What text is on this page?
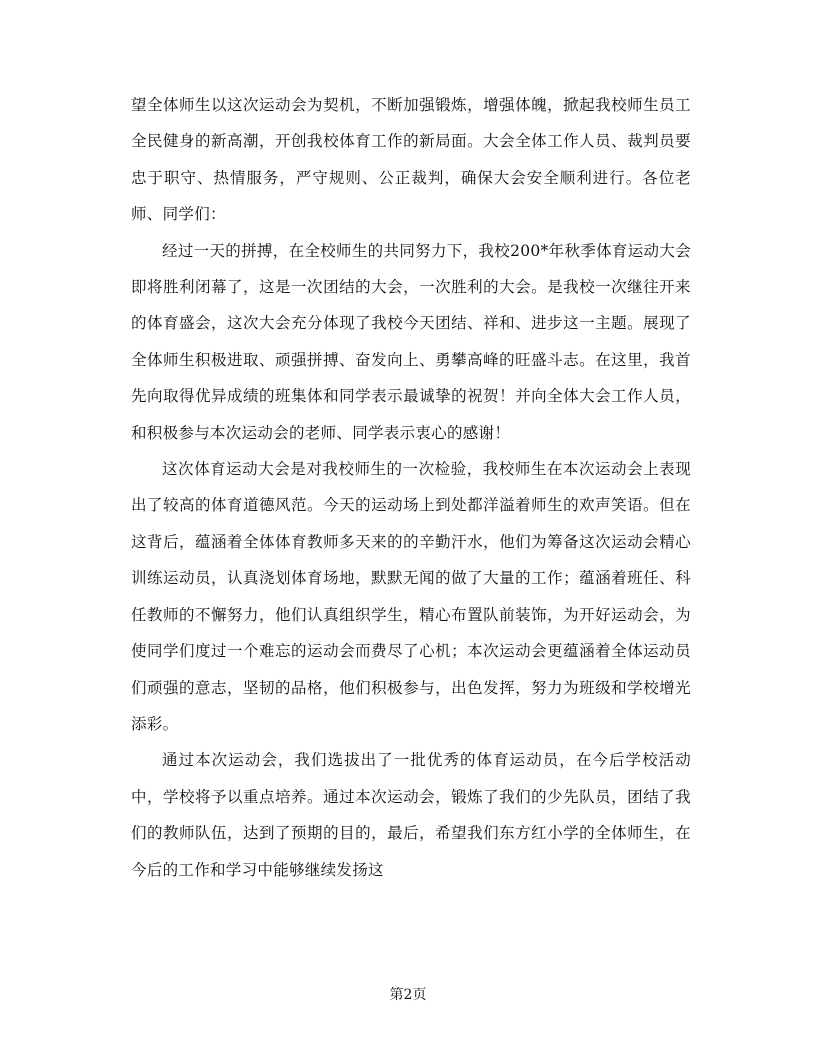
望全体师生以这次运动会为契机，不断加强锻炼，增强体魄，掀起我校师生员工全民健身的新高潮，开创我校体育工作的新局面。大会全体工作人员、裁判员要忠于职守、热情服务，严守规则、公正裁判，确保大会安全顺利进行。各位老师、同学们：

经过一天的拼搏，在全校师生的共同努力下，我校200*年秋季体育运动大会即将胜利闭幕了，这是一次团结的大会，一次胜利的大会。是我校一次继往开来的体育盛会，这次大会充分体现了我校今天团结、祥和、进步这一主题。展现了全体师生积极进取、顽强拼搏、奋发向上、勇攀高峰的旺盛斗志。在这里，我首先向取得优异成绩的班集体和同学表示最诚挚的祝贺！并向全体大会工作人员，和积极参与本次运动会的老师、同学表示衷心的感谢！

这次体育运动大会是对我校师生的一次检验，我校师生在本次运动会上表现出了较高的体育道德风范。今天的运动场上到处都洋溢着师生的欢声笑语。但在这背后，蕴涵着全体体育教师多天来的的辛勤汗水，他们为筹备这次运动会精心训练运动员，认真浇划体育场地，默默无闻的做了大量的工作；蕴涵着班任、科任教师的不懈努力，他们认真组织学生，精心布置队前装饰，为开好运动会，为使同学们度过一个难忘的运动会而费尽了心机；本次运动会更蕴涵着全体运动员们顽强的意志，坚韧的品格，他们积极参与，出色发挥，努力为班级和学校增光添彩。

通过本次运动会，我们选拔出了一批优秀的体育运动员，在今后学校活动中，学校将予以重点培养。通过本次运动会，锻炼了我们的少先队员，团结了我们的教师队伍，达到了预期的目的，最后，希望我们东方红小学的全体师生，在今后的工作和学习中能够继续发扬这

第2页
